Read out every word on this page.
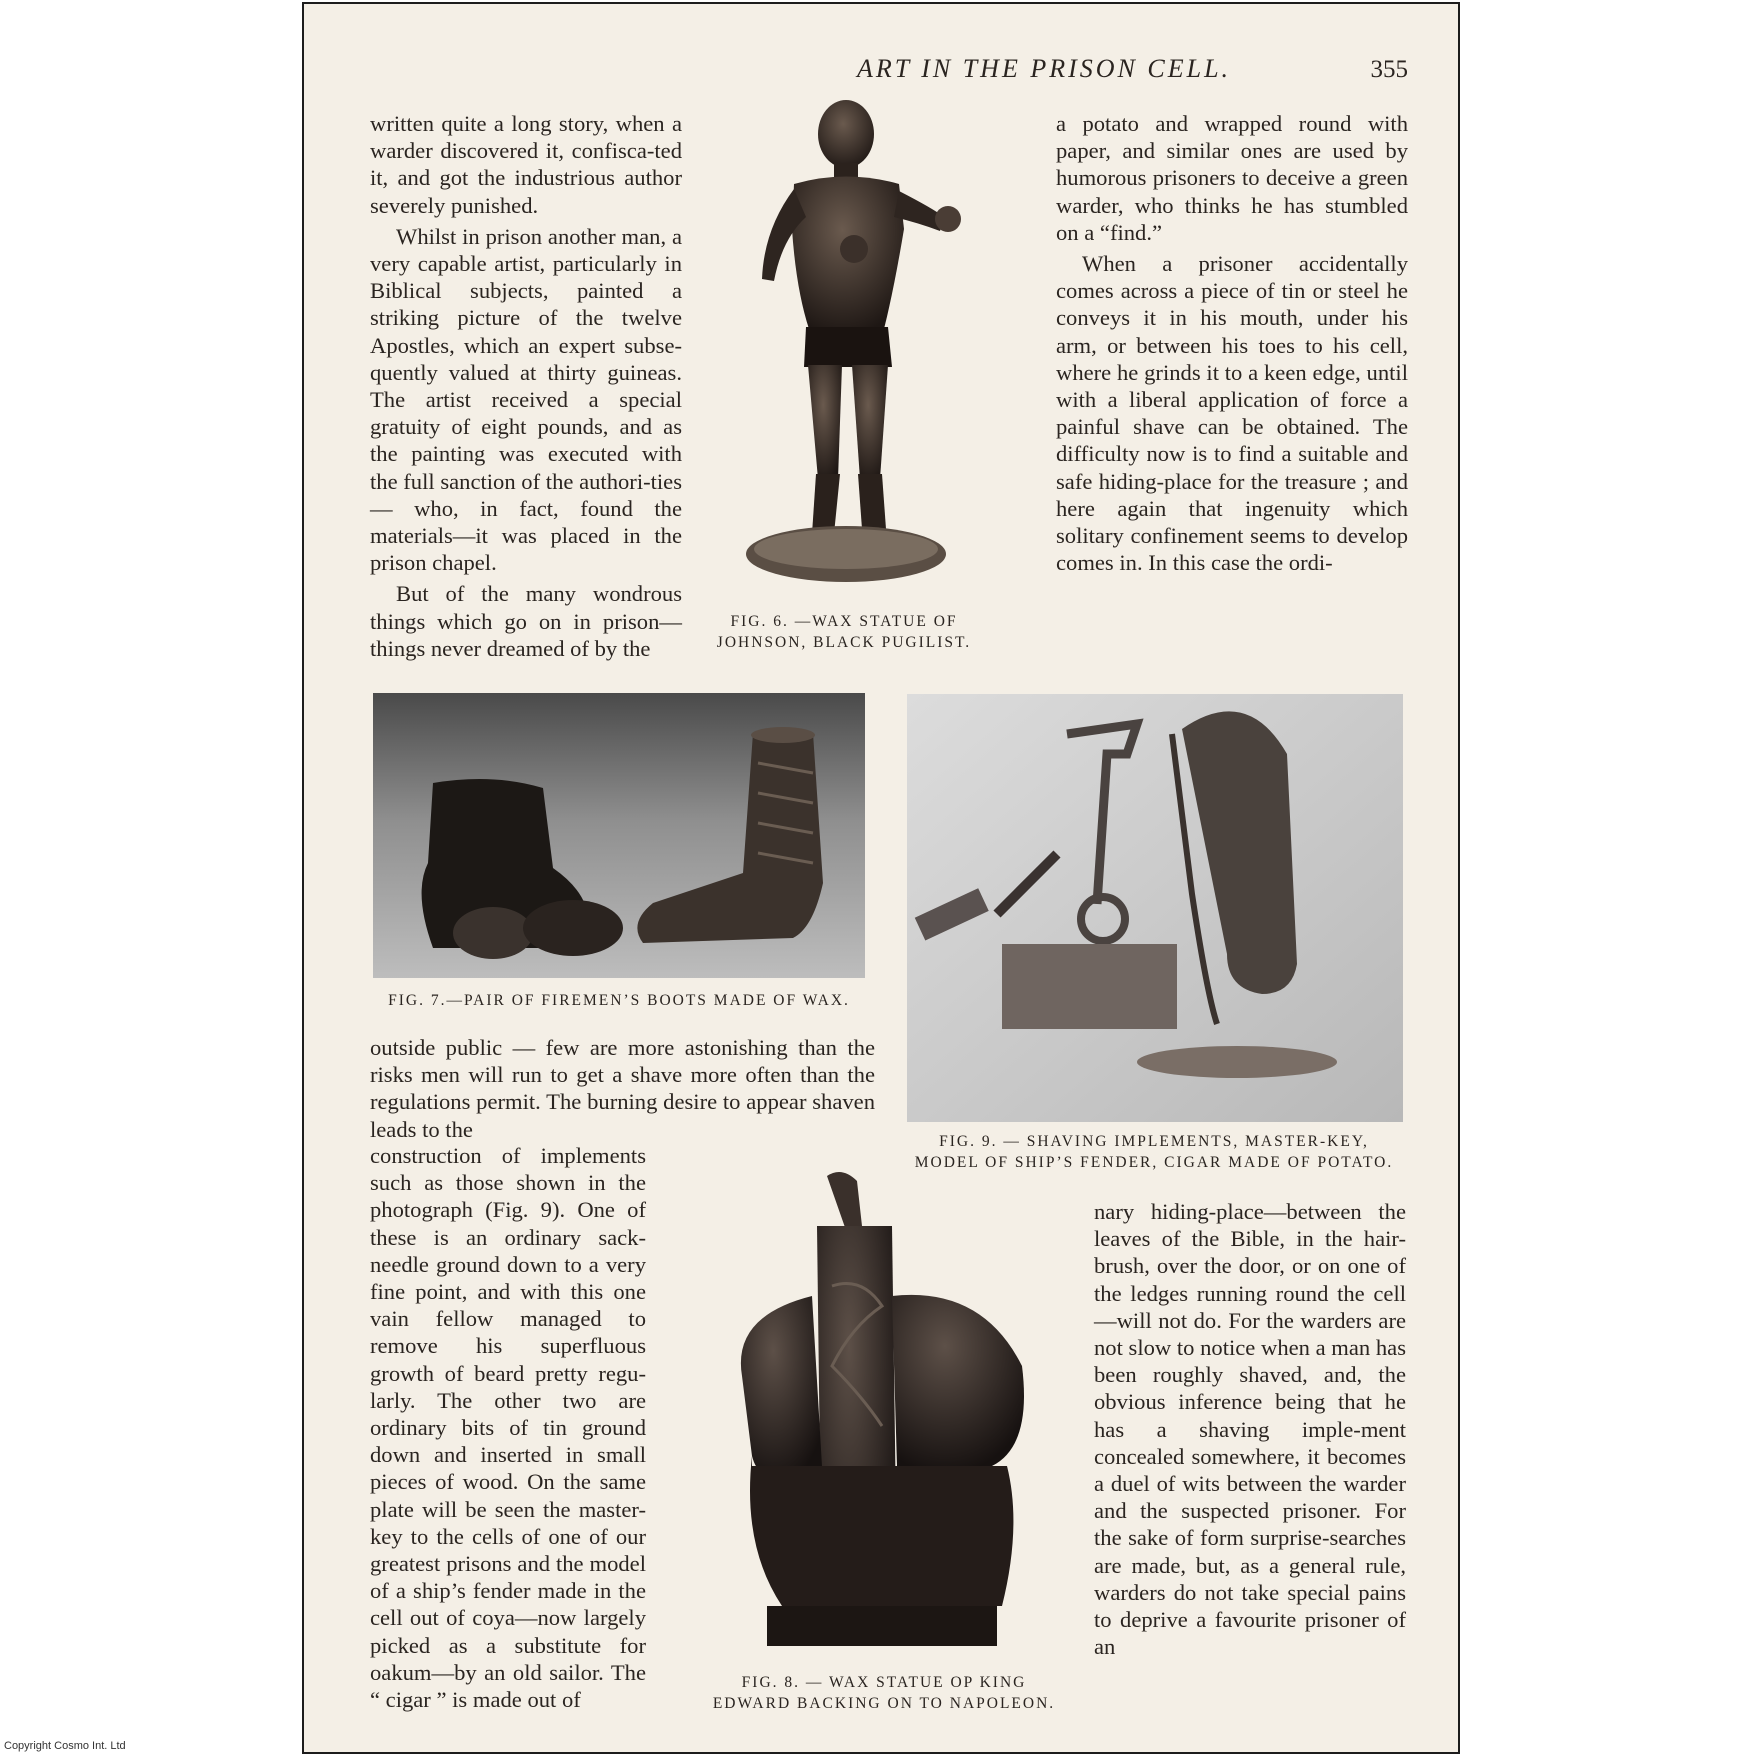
ART IN THE PRISON CELL.	355

written quite a long story, when a warder discovered it, confisca-ted it, and got the industrious author severely punished.

Whilst in prison another man, a very capable artist, particularly in Biblical subjects, painted a striking picture of the twelve Apostles, which an expert subse-quently valued at thirty guineas. The artist received a special gratuity of eight pounds, and as the painting was executed with the full sanction of the authori-ties — who, in fact, found the materials—it was placed in the prison chapel.

But of the many wondrous things which go on in prison— things never dreamed of by the

FIG. 6. —WAX STATUE OF
JOHNSON, BLACK PUGILIST.

a potato and wrapped round with paper, and similar ones are used by humorous prisoners to deceive a green warder, who thinks he has stumbled on a “find.”

When a prisoner accidentally comes across a piece of tin or steel he conveys it in his mouth, under his arm, or between his toes to his cell, where he grinds it to a keen edge, until with a liberal application of force a painful shave can be obtained. The difficulty now is to find a suitable and safe hiding-place for the treasure ; and here again that ingenuity which solitary confinement seems to develop comes in. In this case the ordi-

FIG. 7.—PAIR OF FIREMEN’S BOOTS MADE OF WAX.
FIG. 9. — SHAVING IMPLEMENTS, MASTER-KEY,
MODEL OF SHIP’S FENDER, CIGAR MADE OF POTATO.

outside public — few are more astonishing than the risks men will run to get a shave more often than the regulations permit. The burning desire to appear shaven leads to the

construction of implements such as those shown in the photograph (Fig. 9). One of these is an ordinary sack-needle ground down to a very fine point, and with this one vain fellow managed to remove his superfluous growth of beard pretty regu-larly. The other two are ordinary bits of tin ground down and inserted in small pieces of wood. On the same plate will be seen the master-key to the cells of one of our greatest prisons and the model of a ship’s fender made in the cell out of coya—now largely picked as a substitute for oakum—by an old sailor. The “ cigar ” is made out of

FIG. 8. — WAX STATUE OP KING
EDWARD BACKING ON TO NAPOLEON.

nary hiding-place—between the leaves of the Bible, in the hair-brush, over the door, or on one of the ledges running round the cell—will not do. For the warders are not slow to notice when a man has been roughly shaved, and, the obvious inference being that he has a shaving imple-ment concealed somewhere, it becomes a duel of wits between the warder and the suspected prisoner. For the sake of form surprise-searches are made, but, as a general rule, warders do not take special pains to deprive a favourite prisoner of an

Copyright Cosmo Int. Ltd
